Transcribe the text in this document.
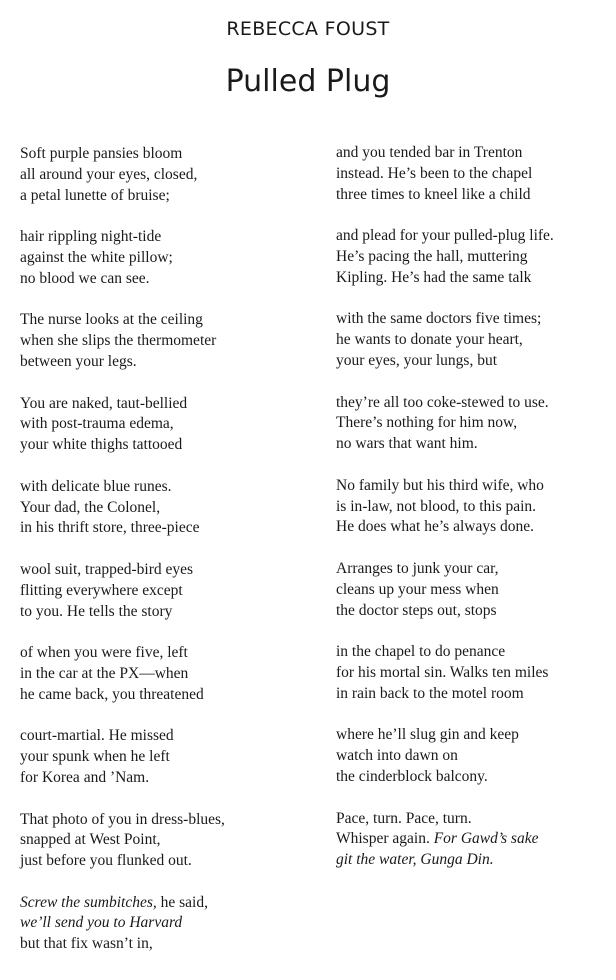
REBECCA FOUST
Pulled Plug
Soft purple pansies bloom
all around your eyes, closed,
a petal lunette of bruise;
hair rippling night-tide
against the white pillow;
no blood we can see.
The nurse looks at the ceiling
when she slips the thermometer
between your legs.
You are naked, taut-bellied
with post-trauma edema,
your white thighs tattooed
with delicate blue runes.
Your dad, the Colonel,
in his thrift store, three-piece
wool suit, trapped-bird eyes
flitting everywhere except
to you. He tells the story
of when you were five, left
in the car at the PX—when
he came back, you threatened
court-martial. He missed
your spunk when he left
for Korea and ’Nam.
That photo of you in dress-blues,
snapped at West Point,
just before you flunked out.
Screw the sumbitches, he said,
we’ll send you to Harvard
but that fix wasn’t in,
and you tended bar in Trenton
instead. He’s been to the chapel
three times to kneel like a child
and plead for your pulled-plug life.
He’s pacing the hall, muttering
Kipling. He’s had the same talk
with the same doctors five times;
he wants to donate your heart,
your eyes, your lungs, but
they’re all too coke-stewed to use.
There’s nothing for him now,
no wars that want him.
No family but his third wife, who
is in-law, not blood, to this pain.
He does what he’s always done.
Arranges to junk your car,
cleans up your mess when
the doctor steps out, stops
in the chapel to do penance
for his mortal sin. Walks ten miles
in rain back to the motel room
where he’ll slug gin and keep
watch into dawn on
the cinderblock balcony.
Pace, turn. Pace, turn.
Whisper again. For Gawd’s sake
git the water, Gunga Din.
